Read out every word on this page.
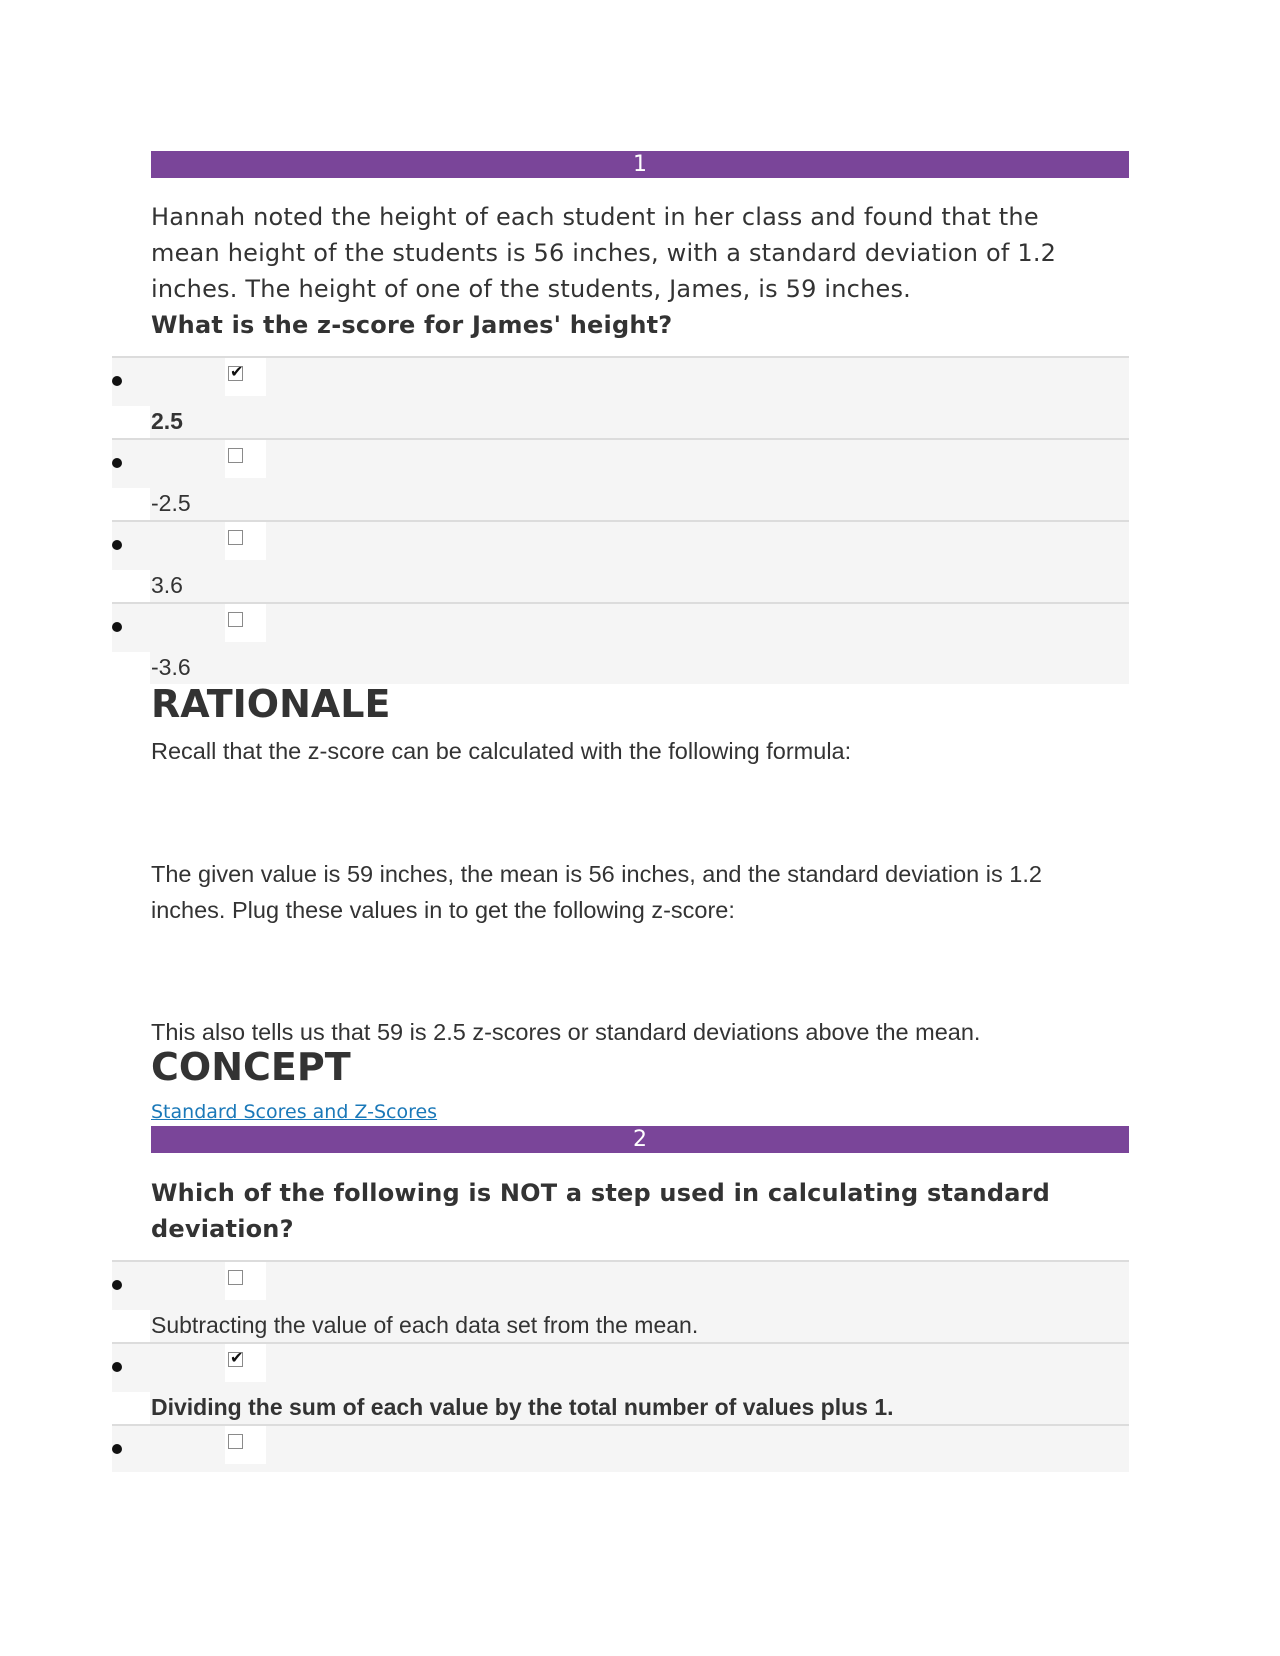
1
Hannah noted the height of each student in her class and found that the
mean height of the students is 56 inches, with a standard deviation of 1.2
inches. The height of one of the students, James, is 59 inches.
What is the z-score for James' height?
✔
2.5
-2.5
3.6
-3.6
RATIONALE
Recall that the z-score can be calculated with the following formula:
The given value is 59 inches, the mean is 56 inches, and the standard deviation is 1.2
inches. Plug these values in to get the following z-score:
This also tells us that 59 is 2.5 z-scores or standard deviations above the mean.
CONCEPT
Standard Scores and Z-Scores
2
Which of the following is NOT a step used in calculating standard
deviation?
Subtracting the value of each data set from the mean.
✔
Dividing the sum of each value by the total number of values plus 1.
